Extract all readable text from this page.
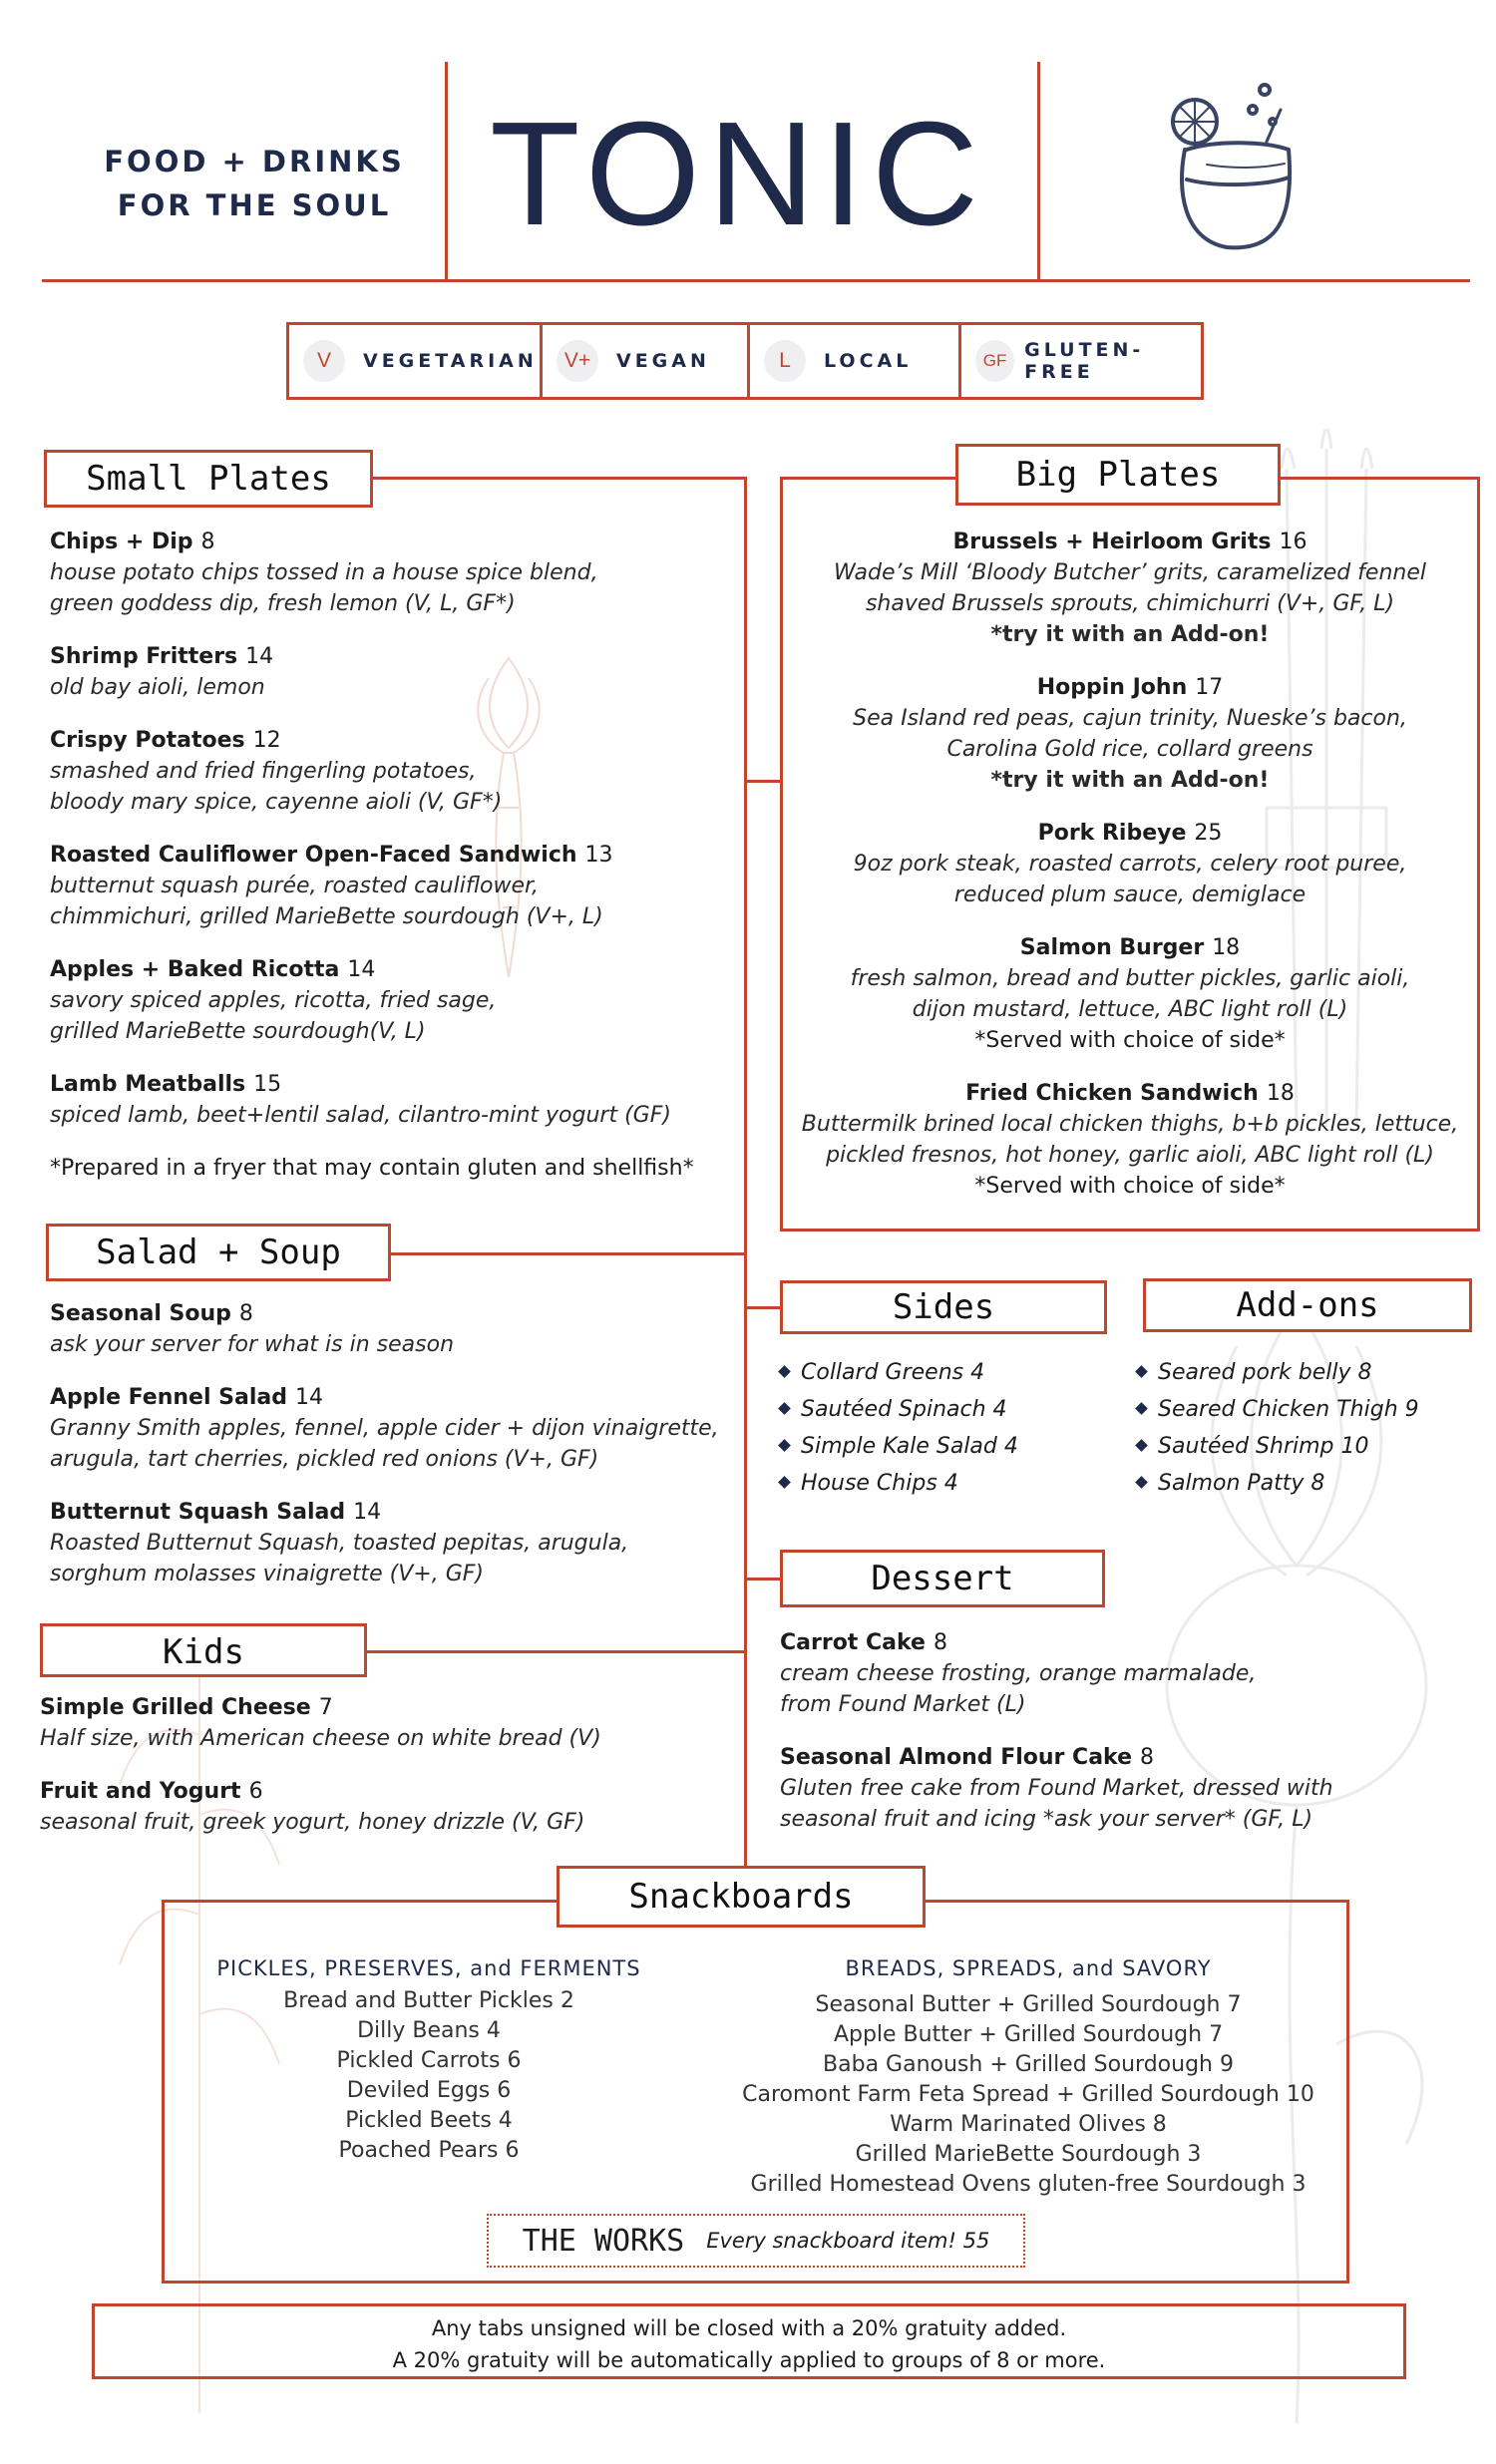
FOOD + DRINKS
FOR THE SOUL TONIC
V	VEGETARIAN	V+	VEGAN	L	LOCAL	GF GLUTEN-FREE
Small Plates
Chips + Dip 8
house potato chips tossed in a house spice blend,
green goddess dip, fresh lemon (V, L, GF*)
Shrimp Fritters 14
old bay aioli, lemon
Crispy Potatoes 12
smashed and fried fingerling potatoes,
bloody mary spice, cayenne aioli (V, GF*)
Roasted Cauliflower Open-Faced Sandwich 13
butternut squash purée, roasted cauliflower,
chimmichuri, grilled MarieBette sourdough (V+, L)
Apples + Baked Ricotta 14
savory spiced apples, ricotta, fried sage,
grilled MarieBette sourdough(V, L)
Lamb Meatballs 15
spiced lamb, beet+lentil salad, cilantro-mint yogurt (GF)
*Prepared in a fryer that may contain gluten and shellfish*
Salad + Soup
Seasonal Soup 8
ask your server for what is in season
Apple Fennel Salad 14
Granny Smith apples, fennel, apple cider + dijon vinaigrette,
arugula, tart cherries, pickled red onions (V+, GF)
Butternut Squash Salad 14
Roasted Butternut Squash, toasted pepitas, arugula,
sorghum molasses vinaigrette (V+, GF)
Kids
Simple Grilled Cheese 7
Half size, with American cheese on white bread (V)
Fruit and Yogurt 6
seasonal fruit, greek yogurt, honey drizzle (V, GF)
Big Plates
Brussels + Heirloom Grits 16
Wade’s Mill ‘Bloody Butcher’ grits, caramelized fennel
shaved Brussels sprouts, chimichurri (V+, GF, L)
*try it with an Add-on!
Hoppin John 17
Sea Island red peas, cajun trinity, Nueske’s bacon,
Carolina Gold rice, collard greens
*try it with an Add-on!
Pork Ribeye 25
9oz pork steak, roasted carrots, celery root puree,
reduced plum sauce, demiglace
Salmon Burger 18
fresh salmon, bread and butter pickles, garlic aioli,
dijon mustard, lettuce, ABC light roll (L)
*Served with choice of side*
Fried Chicken Sandwich 18
Buttermilk brined local chicken thighs, b+b pickles, lettuce,
pickled fresnos, hot honey, garlic aioli, ABC light roll (L)
*Served with choice of side*
Sides	Add-ons
Collard Greens 4
Sautéed Spinach 4
Simple Kale Salad 4
House Chips 4
Seared pork belly 8
Seared Chicken Thigh 9
Sautéed Shrimp 10
Salmon Patty 8
Dessert
Carrot Cake 8
cream cheese frosting, orange marmalade,
from Found Market (L)
Seasonal Almond Flour Cake 8
Gluten free cake from Found Market, dressed with
seasonal fruit and icing *ask your server* (GF, L)
Snackboards
PICKLES, PRESERVES, and FERMENTS
Bread and Butter Pickles 2
Dilly Beans 4
Pickled Carrots 6
Deviled Eggs 6
Pickled Beets 4
Poached Pears 6
BREADS, SPREADS, and SAVORY
Seasonal Butter + Grilled Sourdough 7
Apple Butter + Grilled Sourdough 7
Baba Ganoush + Grilled Sourdough 9
Caromont Farm Feta Spread + Grilled Sourdough 10
Warm Marinated Olives 8
Grilled MarieBette Sourdough 3
Grilled Homestead Ovens gluten-free Sourdough 3
THE WORKS Every snackboard item! 55
Any tabs unsigned will be closed with a 20% gratuity added.
A 20% gratuity will be automatically applied to groups of 8 or more.
